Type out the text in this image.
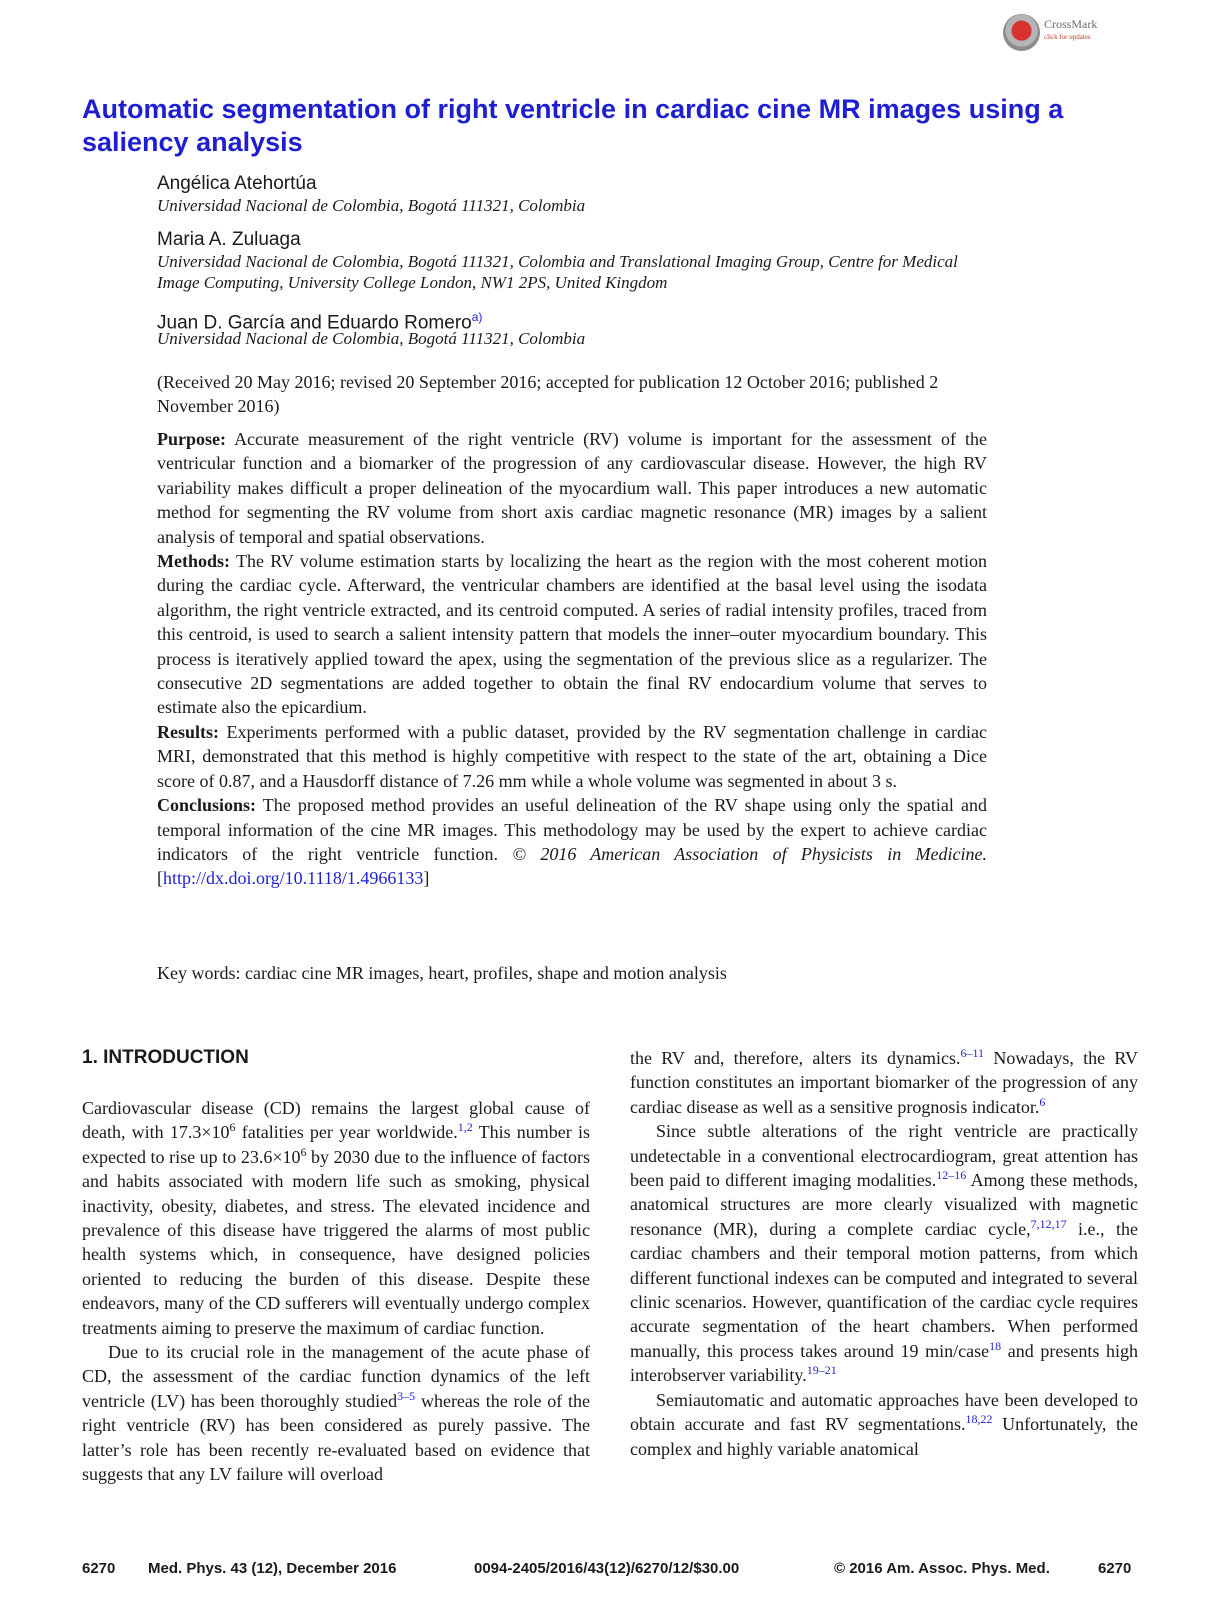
CrossMark
click for updates
Automatic segmentation of right ventricle in cardiac cine MR images using a saliency analysis
Angélica Atehortúa
Universidad Nacional de Colombia, Bogotá 111321, Colombia
Maria A. Zuluaga
Universidad Nacional de Colombia, Bogotá 111321, Colombia and Translational Imaging Group, Centre for Medical Image Computing, University College London, NW1 2PS, United Kingdom
Juan D. García and Eduardo Romero$^{a)}$
Universidad Nacional de Colombia, Bogotá 111321, Colombia
(Received 20 May 2016; revised 20 September 2016; accepted for publication 12 October 2016; published 2 November 2016)

Purpose: Accurate measurement of the right ventricle (RV) volume is important for the assessment of the ventricular function and a biomarker of the progression of any cardiovascular disease. However, the high RV variability makes difficult a proper delineation of the myocardium wall. This paper introduces a new automatic method for segmenting the RV volume from short axis cardiac magnetic resonance (MR) images by a salient analysis of temporal and spatial observations.

Methods: The RV volume estimation starts by localizing the heart as the region with the most coherent motion during the cardiac cycle. Afterward, the ventricular chambers are identified at the basal level using the isodata algorithm, the right ventricle extracted, and its centroid computed. A series of radial intensity profiles, traced from this centroid, is used to search a salient intensity pattern that models the inner–outer myocardium boundary. This process is iteratively applied toward the apex, using the segmentation of the previous slice as a regularizer. The consecutive 2D segmentations are added together to obtain the final RV endocardium volume that serves to estimate also the epicardium.

Results: Experiments performed with a public dataset, provided by the RV segmentation challenge in cardiac MRI, demonstrated that this method is highly competitive with respect to the state of the art, obtaining a Dice score of 0.87, and a Hausdorff distance of 7.26 mm while a whole volume was segmented in about 3 s.

Conclusions: The proposed method provides an useful delineation of the RV shape using only the spatial and temporal information of the cine MR images. This methodology may be used by the expert to achieve cardiac indicators of the right ventricle function. © 2016 American Association of Physicists in Medicine. [http://dx.doi.org/10.1118/1.4966133]

Key words: cardiac cine MR images, heart, profiles, shape and motion analysis
1. INTRODUCTION

Cardiovascular disease (CD) remains the largest global cause of death, with $17.3\times 10^6$ fatalities per year worldwide.$^{1,2}$ This number is expected to rise up to $23.6\times 10^6$ by 2030 due to the influence of factors and habits associated with modern life such as smoking, physical inactivity, obesity, diabetes, and stress. The elevated incidence and prevalence of this disease have triggered the alarms of most public health systems which, in consequence, have designed policies oriented to reducing the burden of this disease. Despite these endeavors, many of the CD sufferers will eventually undergo complex treatments aiming to preserve the maximum of cardiac function.

Due to its crucial role in the management of the acute phase of CD, the assessment of the cardiac function dynamics of the left ventricle (LV) has been thoroughly studied$^{3-5}$ whereas the role of the right ventricle (RV) has been considered as purely passive. The latter’s role has been recently re-evaluated based on evidence that suggests that any LV failure will overload

the RV and, therefore, alters its dynamics.$^{6-11}$ Nowadays, the RV function constitutes an important biomarker of the progression of any cardiac disease as well as a sensitive prognosis indicator.$^6$

Since subtle alterations of the right ventricle are practically undetectable in a conventional electrocardiogram, great attention has been paid to different imaging modalities.$^{12-16}$ Among these methods, anatomical structures are more clearly visualized with magnetic resonance (MR), during a complete cardiac cycle,$^{7,12,17}$ i.e., the cardiac chambers and their temporal motion patterns, from which different functional indexes can be computed and integrated to several clinic scenarios. However, quantification of the cardiac cycle requires accurate segmentation of the heart chambers. When performed manually, this process takes around 19 min/case$^{18}$ and presents high interobserver variability.$^{19-21}$

Semiautomatic and automatic approaches have been developed to obtain accurate and fast RV segmentations.$^{18,22}$ Unfortunately, the complex and highly variable anatomical

6270 Med. Phys. 43 (12), December 2016	0094-2405/2016/43(12)/6270/12/$30.00	© 2016 Am. Assoc. Phys. Med.	6270
